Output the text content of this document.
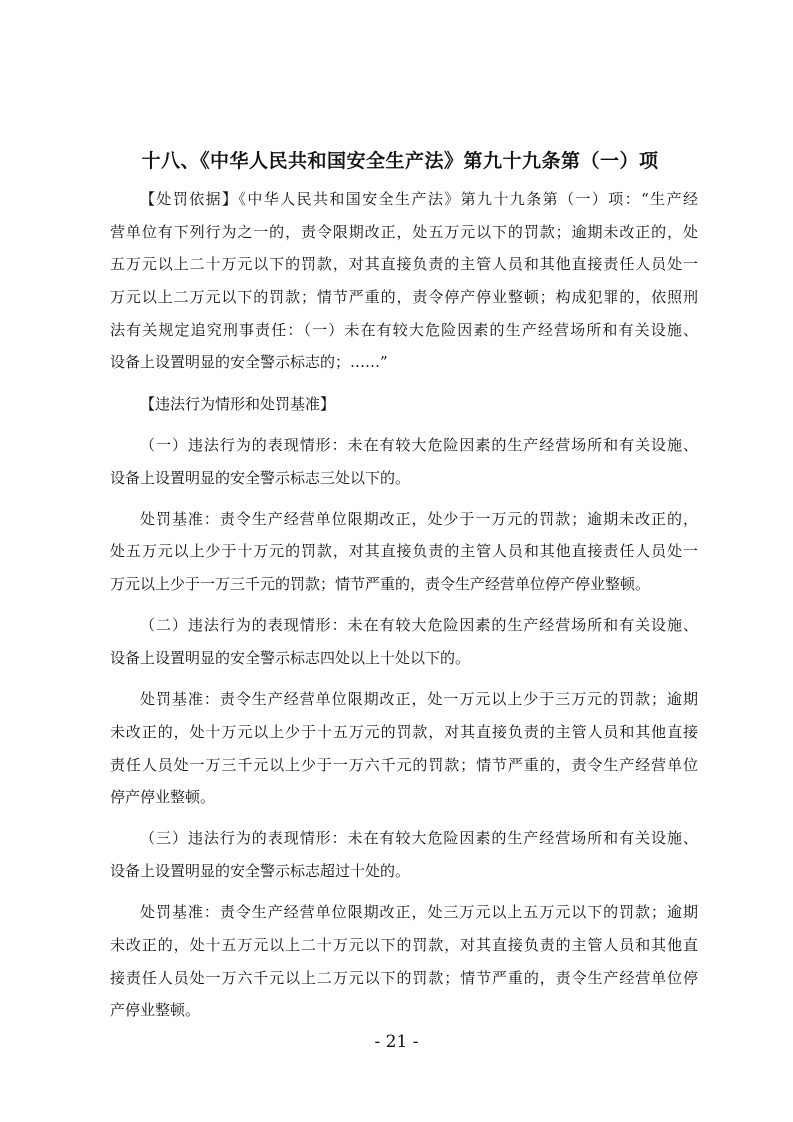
十八、《中华人民共和国安全生产法》第九十九条第（一）项
【处罚依据】《中华人民共和国安全生产法》第九十九条第（一）项：“生产经
营单位有下列行为之一的，责令限期改正，处五万元以下的罚款；逾期未改正的，处
五万元以上二十万元以下的罚款，对其直接负责的主管人员和其他直接责任人员处一
万元以上二万元以下的罚款；情节严重的，责令停产停业整顿；构成犯罪的，依照刑
法有关规定追究刑事责任：（一）未在有较大危险因素的生产经营场所和有关设施、
设备上设置明显的安全警示标志的；……”
【违法行为情形和处罚基准】
（一）违法行为的表现情形：未在有较大危险因素的生产经营场所和有关设施、
设备上设置明显的安全警示标志三处以下的。
处罚基准：责令生产经营单位限期改正，处少于一万元的罚款；逾期未改正的，
处五万元以上少于十万元的罚款，对其直接负责的主管人员和其他直接责任人员处一
万元以上少于一万三千元的罚款；情节严重的，责令生产经营单位停产停业整顿。
（二）违法行为的表现情形：未在有较大危险因素的生产经营场所和有关设施、
设备上设置明显的安全警示标志四处以上十处以下的。
处罚基准：责令生产经营单位限期改正，处一万元以上少于三万元的罚款；逾期
未改正的，处十万元以上少于十五万元的罚款，对其直接负责的主管人员和其他直接
责任人员处一万三千元以上少于一万六千元的罚款；情节严重的，责令生产经营单位
停产停业整顿。
（三）违法行为的表现情形：未在有较大危险因素的生产经营场所和有关设施、
设备上设置明显的安全警示标志超过十处的。
处罚基准：责令生产经营单位限期改正，处三万元以上五万元以下的罚款；逾期
未改正的，处十五万元以上二十万元以下的罚款，对其直接负责的主管人员和其他直
接责任人员处一万六千元以上二万元以下的罚款；情节严重的，责令生产经营单位停
产停业整顿。
- 21 -
